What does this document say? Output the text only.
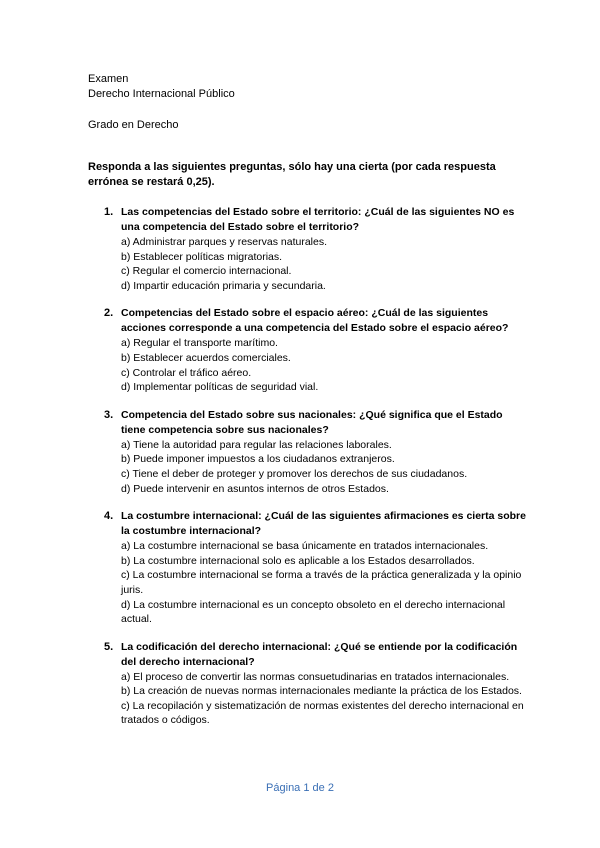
Examen
Derecho Internacional Público
Grado en Derecho
Responda a las siguientes preguntas, sólo hay una cierta (por cada respuesta errónea se restará 0,25).
1. Las competencias del Estado sobre el territorio: ¿Cuál de las siguientes NO es una competencia del Estado sobre el territorio?
a) Administrar parques y reservas naturales.
b) Establecer políticas migratorias.
c) Regular el comercio internacional.
d) Impartir educación primaria y secundaria.
2. Competencias del Estado sobre el espacio aéreo: ¿Cuál de las siguientes acciones corresponde a una competencia del Estado sobre el espacio aéreo?
a) Regular el transporte marítimo.
b) Establecer acuerdos comerciales.
c) Controlar el tráfico aéreo.
d) Implementar políticas de seguridad vial.
3. Competencia del Estado sobre sus nacionales: ¿Qué significa que el Estado tiene competencia sobre sus nacionales?
a) Tiene la autoridad para regular las relaciones laborales.
b) Puede imponer impuestos a los ciudadanos extranjeros.
c) Tiene el deber de proteger y promover los derechos de sus ciudadanos.
d) Puede intervenir en asuntos internos de otros Estados.
4. La costumbre internacional: ¿Cuál de las siguientes afirmaciones es cierta sobre la costumbre internacional?
a) La costumbre internacional se basa únicamente en tratados internacionales.
b) La costumbre internacional solo es aplicable a los Estados desarrollados.
c) La costumbre internacional se forma a través de la práctica generalizada y la opinio juris.
d) La costumbre internacional es un concepto obsoleto en el derecho internacional actual.
5. La codificación del derecho internacional: ¿Qué se entiende por la codificación del derecho internacional?
a) El proceso de convertir las normas consuetudinarias en tratados internacionales.
b) La creación de nuevas normas internacionales mediante la práctica de los Estados.
c) La recopilación y sistematización de normas existentes del derecho internacional en tratados o códigos.
Página 1 de 2
